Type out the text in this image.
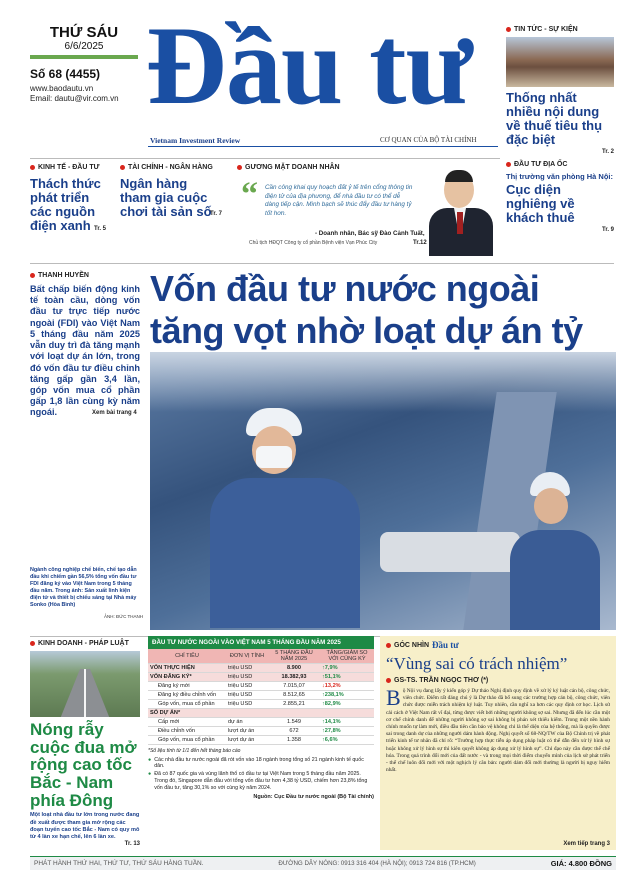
THỨ SÁU
6/6/2025
Số 68 (4455)
www.baodautu.vn
Email: dautu@vir.com.vn Đầu tư
Vietnam Investment Review	CƠ QUAN CỦA BỘ TÀI CHÍNH
TIN TỨC - SỰ KIỆN
Thống nhất nhiều nội dung về thuế tiêu thụ đặc biệt
Tr. 2
ĐẦU TƯ ĐỊA ỐC
Thị trường văn phòng Hà Nội:
Cục diện nghiêng về khách thuê
Tr. 9
KINH TẾ - ĐẦU TƯ
Thách thức phát triển các nguồn điện xanh Tr. 5
TÀI CHÍNH - NGÂN HÀNG
Ngân hàng tham gia cuộc chơi tài sản số
Tr. 7
GƯƠNG MẶT DOANH NHÂN
“ Cần công khai quy hoạch đất ỷ tế trên cổng thông tin điện tử của địa phương, để nhà đầu tư có thể dễ dàng tiếp cận. Minh bạch sẽ thúc đẩy đầu tư hàng tỷ tốt hơn.
- Doanh nhân, Bác sỹ Đào Cảnh Tuất,
Chủ tịch HĐQT Công ty cổ phần Bệnh viện Vạn Phúc City	Tr.12
THANH HUYỀN
Bất chấp biến động kinh tế toàn cầu, dòng vốn đầu tư trực tiếp nước ngoài (FDI) vào Việt Nam 5 tháng đầu năm 2025 vẫn duy trì đà tăng mạnh với loạt dự án lớn, trong đó vốn đầu tư điều chỉnh tăng gấp gần 3,4 lần, góp vốn mua cổ phần gấp 1,8 lần cùng kỳ năm ngoái.	Xem bài trang 4
Vốn đầu tư nước ngoài tăng vọt nhờ loạt dự án tỷ
Ngành công nghiệp chế biến, chế tạo dẫn đầu khi chiếm gần 56,5% tổng vốn đầu tư FDI đăng ký vào Việt Nam trong 5 tháng đầu năm. Trong ảnh: Sản xuất linh kiện điện tử và thiết bị chiếu sáng tại Nhà máy Sonko (Hòa Bình)
ẢNH: ĐỨC THANH
KINH DOANH - PHÁP LUẬT
Nóng rẫy cuộc đua mở rộng cao tốc Bắc - Nam phía Đông
Một loạt nhà đầu tư lớn trong nước đang đề xuất được tham gia mở rộng các đoạn tuyến cao tốc Bắc - Nam có quy mô từ 4 làn xe hạn chế, lên 6 làn xe.
Tr. 13
ĐẦU TƯ NƯỚC NGOÀI VÀO VIỆT NAM 5 THÁNG ĐẦU NĂM 2025
CHỈ TIÊU	ĐƠN VỊ TÍNH	5 THÁNG ĐẦU NĂM 2025	TĂNG/GIẢM SO VỚI CÙNG KỲ
VỐN THỰC HIỆN	triệu USD	8.900	↑7,9%
VỐN ĐĂNG KÝ*	triệu USD	18.382,93	↑51,1%
Đăng ký mới	triệu USD	7.015,07	↓13,2%
Đăng ký điều chỉnh vốn	triệu USD	8.512,65	↑238,1%
Góp vốn, mua cổ phần	triệu USD	2.855,21	↑82,9%
SỐ DỰ ÁN*			
Cấp mới	dự án	1.549	↑14,1%
Điều chỉnh vốn	lượt dự án	672	↑27,8%
Góp vốn, mua cổ phần	lượt dự án	1.358	↑6,6%
*Số liệu tính từ 1/1 đến hết tháng báo cáo
● Các nhà đầu tư nước ngoài đã rót vốn vào 18 ngành trong tổng số 21 ngành kinh tế quốc dân.
● Đã có 87 quốc gia và vùng lãnh thổ có đầu tư tại Việt Nam trong 5 tháng đầu năm 2025. Trong đó, Singapore dẫn đầu với tổng vốn đầu tư hơn 4,38 tỷ USD, chiếm hơn 23,8% tổng vốn đầu tư, tăng 30,1% so với cùng kỳ năm 2024.
Nguồn: Cục Đầu tư nước ngoài (Bộ Tài chính)
GÓC NHÌN Đầu tư
“Vùng sai có trách nhiệm”
GS-TS. TRẦN NGỌC THƠ (*)
B ộ Nội vụ đang lấy ý kiến góp ý Dự thảo Nghị định quy định về xử lý kỷ luật cán bộ, công chức, viên chức. Điểm rất đáng chú ý là Dự thảo đã bổ sung các trường hợp cán bộ, công chức, viên chức được miễn trách nhiệm kỷ luật. Tuy nhiên, cần nghĩ xa hơn các quy định cơ học. Lịch sử cải cách ở Việt Nam rất vĩ đại, từng được viết bởi những người không sợ sai. Nhưng đã đến lúc cần một cơ chế chính danh để những người không sợ sai không bị phán xét thiếu kiểm. Trong một nền hành chính muốn tự làm mới, điều đầu tiên cần bảo vệ không chỉ là thể diện của hệ thống, mà là quyền được sai trong danh dự của những người dám hành động. Nghị quyết số 68-NQ/TW của Bộ Chính trị về phát triển kinh tế tư nhân đã chỉ rõ: “Trường hợp thực tiễn áp dụng pháp luật có thể dẫn đến xử lý hình sự hoặc không xử lý hình sự thì kiên quyết không áp dụng xử lý hình sự”. Chỉ đạo này cần được thể chế hóa. Trong quá trình đổi mới của đất nước - và trong mọi thời điểm chuyển mình của lịch sử phát triển - thể chế luôn đổi mới với một nghịch lý căn bản: người dám đổi mới thường là người bị nguy hiểm nhất.
Xem tiếp trang 3
PHÁT HÀNH THỨ HAI, THỨ TƯ, THỨ SÁU HÀNG TUẦN.	ĐƯỜNG DÂY NÓNG: 0913 316 404 (HÀ NỘI); 0913 724 816 (TP.HCM)	GIÁ: 4.800 ĐỒNG
